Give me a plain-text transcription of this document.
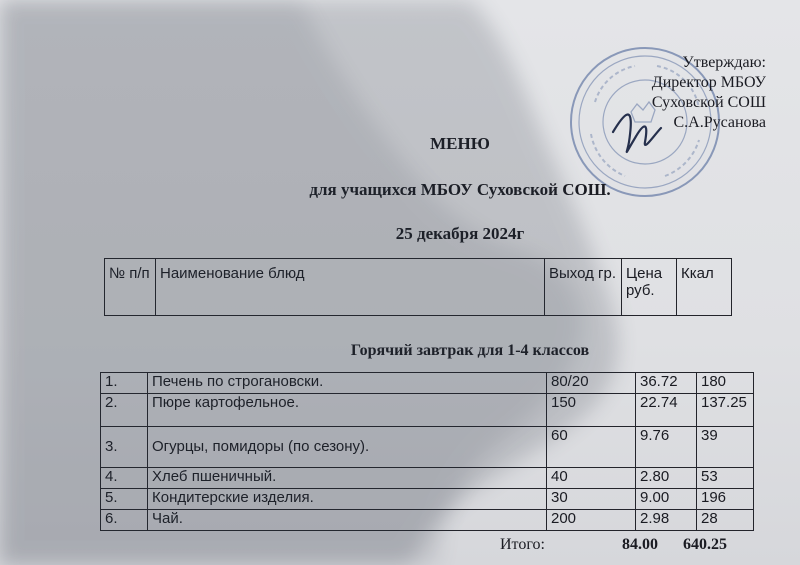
Утверждаю:
Директор МБОУ
Суховской СОШ
С.А.Русанова
МЕНЮ
для учащихся МБОУ Суховской СОШ.
25 декабря 2024г
№ п/п	Наименование блюд	Выход гр.	Цена руб.	Ккал
Горячий завтрак для 1-4 классов
1.	Печень по строгановски.	80/20	36.72	180
2.	Пюре картофельное.	150	22.74	137.25
3.	Огурцы, помидоры (по сезону).	60	9.76	39
4.	Хлеб пшеничный.	40	2.80	53
5.	Кондитерские изделия.	30	9.00	196
6.	Чай.	200	2.98	28
Итого:	84.00 640.25
